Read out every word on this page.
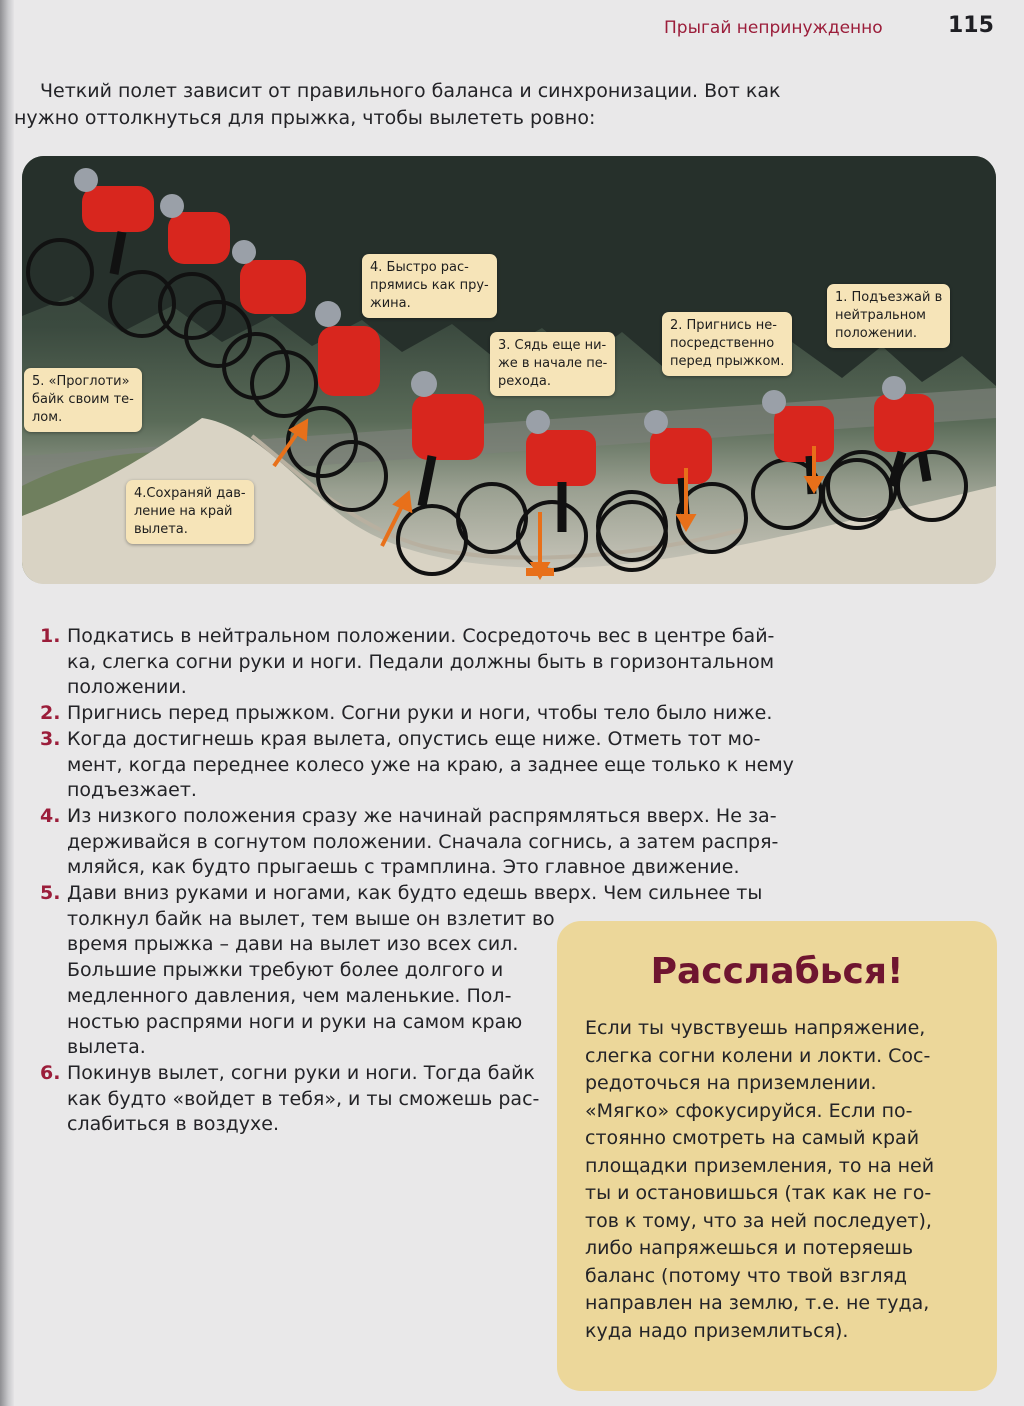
Прыгай непринужденно	115
Четкий полет зависит от правильного баланса и синхронизации. Вот как
нужно оттолкнуться для прыжка, чтобы вылететь ровно:
1. Подъезжай в
нейтральном
положении.
2. Пригнись не-
посредственно
перед прыжком.
3. Сядь еще ни-
же в начале пе-
рехода.
4. Быстро рас-
прямись как пру-
жина.
4.Сохраняй дав-
ление на край
вылета.
5. «Проглоти»
байк своим те-
лом.
1. Подкатись в нейтральном положении. Сосредоточь вес в центре бай-
ка, слегка согни руки и ноги. Педали должны быть в горизонтальном
положении.
2. Пригнись перед прыжком. Согни руки и ноги, чтобы тело было ниже.
3. Когда достигнешь края вылета, опустись еще ниже. Отметь тот мо-
мент, когда переднее колесо уже на краю, а заднее еще только к нему
подъезжает.
4. Из низкого положения сразу же начинай распрямляться вверх. Не за-
держивайся в согнутом положении. Сначала согнись, а затем распря-
мляйся, как будто прыгаешь с трамплина. Это главное движение.
5. Дави вниз руками и ногами, как будто едешь вверх. Чем сильнее ты
толкнул байк на вылет, тем выше он взлетит во
время прыжка – дави на вылет изо всех сил.
Большие прыжки требуют более долгого и
медленного давления, чем маленькие. Пол-
ностью распрями ноги и руки на самом краю
вылета.
6. Покинув вылет, согни руки и ноги. Тогда байк
как будто «войдет в тебя», и ты сможешь рас-
слабиться в воздухе.
Расслабься!
Если ты чувствуешь напряжение,
слегка согни колени и локти. Сос-
редоточься на приземлении.
«Мягко» сфокусируйся. Если по-
стоянно смотреть на самый край
площадки приземления, то на ней
ты и остановишься (так как не го-
тов к тому, что за ней последует),
либо напряжешься и потеряешь
баланс (потому что твой взгляд
направлен на землю, т.е. не туда,
куда надо приземлиться).
